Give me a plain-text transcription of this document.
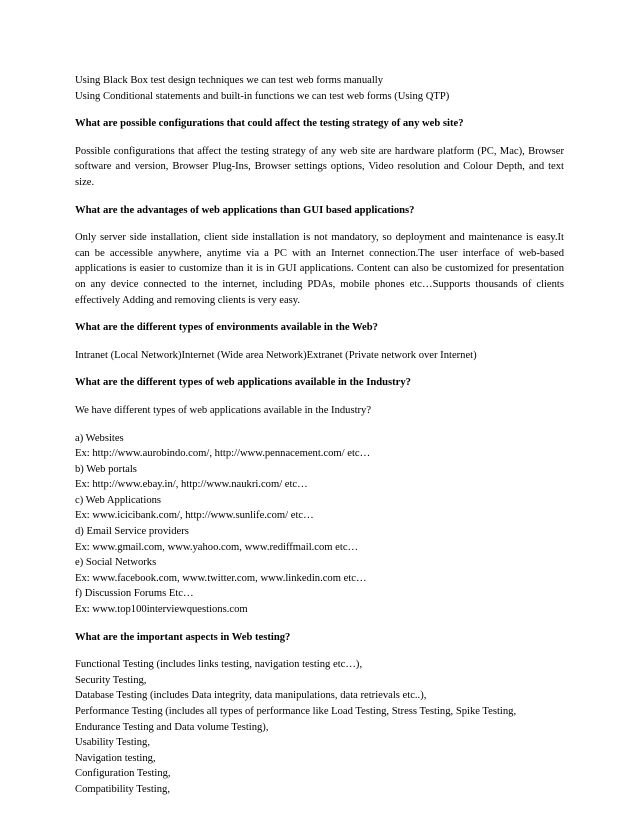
Using Black Box test design techniques we can test web forms manually
Using Conditional statements and built-in functions we can test web forms (Using QTP)
What are possible configurations that could affect the testing strategy of any web site?
Possible configurations that affect the testing strategy of any web site are hardware platform (PC, Mac), Browser software and version, Browser Plug-Ins, Browser settings options, Video resolution and Colour Depth, and text size.
What are the advantages of web applications than GUI based applications?
Only server side installation, client side installation is not mandatory, so deployment and maintenance is easy.It can be accessible anywhere, anytime via a PC with an Internet connection.The user interface of web-based applications is easier to customize than it is in GUI applications. Content can also be customized for presentation on any device connected to the internet, including PDAs, mobile phones etc…Supports thousands of clients effectively Adding and removing clients is very easy.
What are the different types of environments available in the Web?
Intranet (Local Network)Internet (Wide area Network)Extranet (Private network over Internet)
What are the different types of web applications available in the Industry?
We have different types of web applications available in the Industry?
a) Websites
Ex: http://www.aurobindo.com/, http://www.pennacement.com/ etc…
b) Web portals
Ex: http://www.ebay.in/, http://www.naukri.com/ etc…
c) Web Applications
Ex: www.icicibank.com/, http://www.sunlife.com/ etc…
d) Email Service providers
Ex: www.gmail.com, www.yahoo.com, www.rediffmail.com etc…
e) Social Networks
Ex: www.facebook.com, www.twitter.com, www.linkedin.com etc…
f) Discussion Forums Etc…
Ex: www.top100interviewquestions.com
What are the important aspects in Web testing?
Functional Testing (includes links testing, navigation testing etc…),
Security Testing,
Database Testing (includes Data integrity, data manipulations, data retrievals etc..),
Performance Testing (includes all types of performance like Load Testing, Stress Testing, Spike Testing,
Endurance Testing and Data volume Testing),
Usability Testing,
Navigation testing,
Configuration Testing,
Compatibility Testing,
